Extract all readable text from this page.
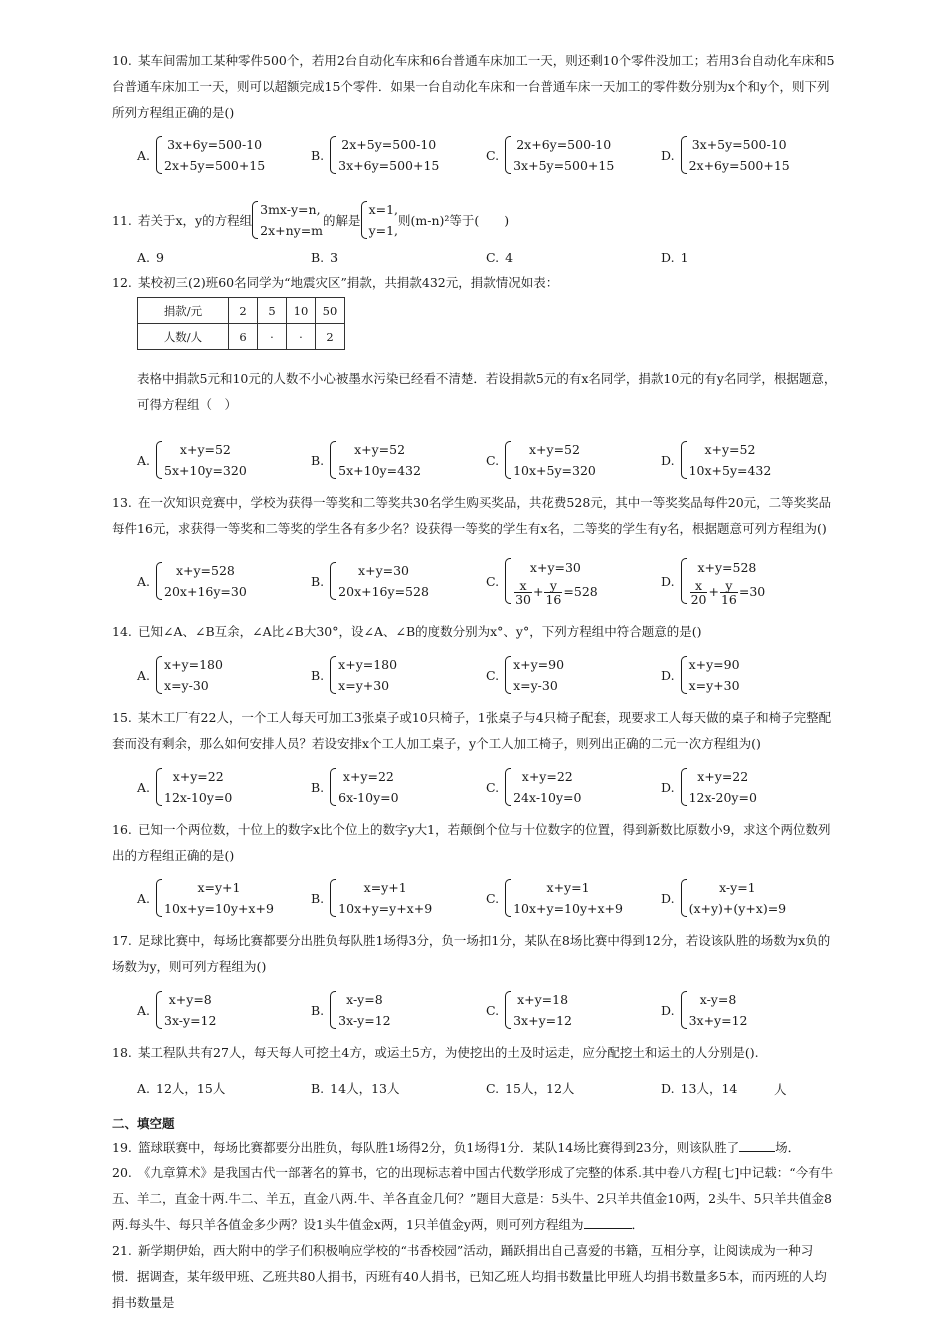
10. 某车间需加工某种零件500个，若用2台自动化车床和6台普通车床加工一天，则还剩10个零件没加工；若用3台自动化车床和5台普通车床加工一天，则可以超额完成15个零件．如果一台自动化车床和一台普通车床一天加工的零件数分别为x个和y个，则下列所列方程组正确的是()
A.
3x+6y=500-10
2x+5y=500+15
B.
2x+5y=500-10
3x+6y=500+15
C.
2x+6y=500-10
3x+5y=500+15
D.
3x+5y=500-10
2x+6y=500+15
11. 若关于x，y的方程组
3mx-y=n,
2x+ny=m
的解是
x=1,
y=1,
则(m-n)²等于(　　)
A. 9	B. 3	C. 4	D. 1
12. 某校初三(2)班60名同学为“地震灾区”捐款，共捐款432元，捐款情况如表：
捐款/元	2	5	10	50
人数/人	6	·	·	2
表格中捐款5元和10元的人数不小心被墨水污染已经看不清楚．若设捐款5元的有x名同学，捐款10元的有y名同学，根据题意，可得方程组（　）
A.
x+y=52
5x+10y=320
B.
x+y=52
5x+10y=432
C.
x+y=52
10x+5y=320
D.
x+y=52
10x+5y=432
13. 在一次知识竞赛中，学校为获得一等奖和二等奖共30名学生购买奖品，共花费528元，其中一等奖奖品每件20元，二等奖奖品每件16元，求获得一等奖和二等奖的学生各有多少名？设获得一等奖的学生有x名，二等奖的学生有y名，根据题意可列方程组为()
A.
x+y=528
20x+16y=30
B.
x+y=30
20x+16y=528
C.
x+y=30
$\frac{x}{30} + \frac{y}{16} =528$
D.
x+y=528
$\frac{x}{20} + \frac{y}{16} =30$
14. 已知∠A、∠B互余，∠A比∠B大30°，设∠A、∠B的度数分别为x°、y°，下列方程组中符合题意的是()
A.
x+y=180
x=y-30
B.
x+y=180
x=y+30
C.
x+y=90
x=y-30
D.
x+y=90
x=y+30
15. 某木工厂有22人，一个工人每天可加工3张桌子或10只椅子，1张桌子与4只椅子配套，现要求工人每天做的桌子和椅子完整配套而没有剩余，那么如何安排人员？若设安排x个工人加工桌子，y个工人加工椅子，则列出正确的二元一次方程组为()
A.
x+y=22
12x-10y=0
B.
x+y=22
6x-10y=0
C.
x+y=22
24x-10y=0
D.
x+y=22
12x-20y=0
16. 已知一个两位数，十位上的数字x比个位上的数字y大1，若颠倒个位与十位数字的位置，得到新数比原数小9，求这个两位数列出的方程组正确的是()
A.
x=y+1
10x+y=10y+x+9
B.
x=y+1
10x+y=y+x+9
C.
x+y=1
10x+y=10y+x+9
D.
x-y=1
(x+y)+(y+x)=9
17. 足球比赛中，每场比赛都要分出胜负每队胜1场得3分，负一场扣1分，某队在8场比赛中得到12分，若设该队胜的场数为x负的场数为y，则可列方程组为()
A.
x+y=8
3x-y=12
B.
x-y=8
3x-y=12
C.
x+y=18
3x+y=12
D.
x-y=8
3x+y=12
18. 某工程队共有27人，每天每人可挖土4方，或运土5方，为使挖出的土及时运走，应分配挖土和运土的人分别是().
A. 12人，15人	B. 14人，13人	C. 15人，12人	D. 13人，14	人
二、填空题
19. 篮球联赛中，每场比赛都要分出胜负，每队胜1场得2分，负1场得1分．某队14场比赛得到23分，则该队胜了	场．
20. 《九章算术》是我国古代一部著名的算书，它的出现标志着中国古代数学形成了完整的体系.其中卷八方程[七]中记载：“今有牛五、羊二，直金十两.牛二、羊五，直金八两.牛、羊各直金几何？”题目大意是：5头牛、2只羊共值金10两，2头牛、5只羊共值金8两.每头牛、每只羊各值金多少两？设1头牛值金x两，1只羊值金y两，则可列方程组为	．
21. 新学期伊始，西大附中的学子们积极响应学校的“书香校园”活动，踊跃捐出自己喜爱的书籍，互相分享，让阅读成为一种习惯．据调查，某年级甲班、乙班共80人捐书，丙班有40人捐书，已知乙班人均捐书数量比甲班人均捐书数量多5本，而丙班的人均捐书数量是
